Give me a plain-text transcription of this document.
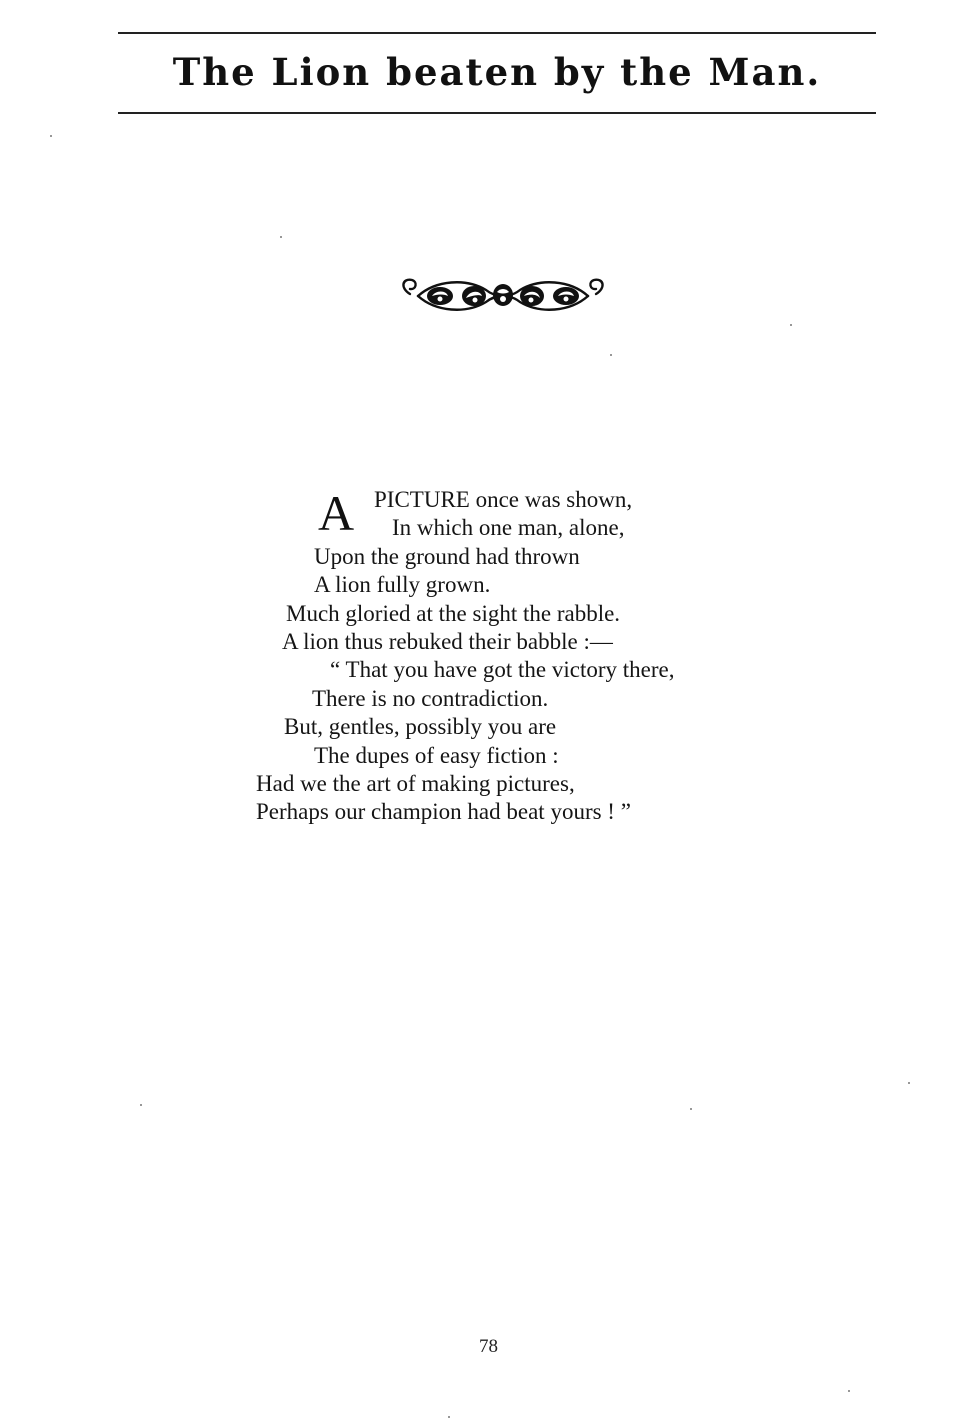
The Lion beaten by the Man.
A PICTURE once was shown,
In which one man, alone,
Upon the ground had thrown
A lion fully grown.
Much gloried at the sight the rabble.
A lion thus rebuked their babble :—
“ That you have got the victory there,
There is no contradiction.
But, gentles, possibly you are
The dupes of easy fiction :
Had we the art of making pictures,
Perhaps our champion had beat yours ! ”
78
